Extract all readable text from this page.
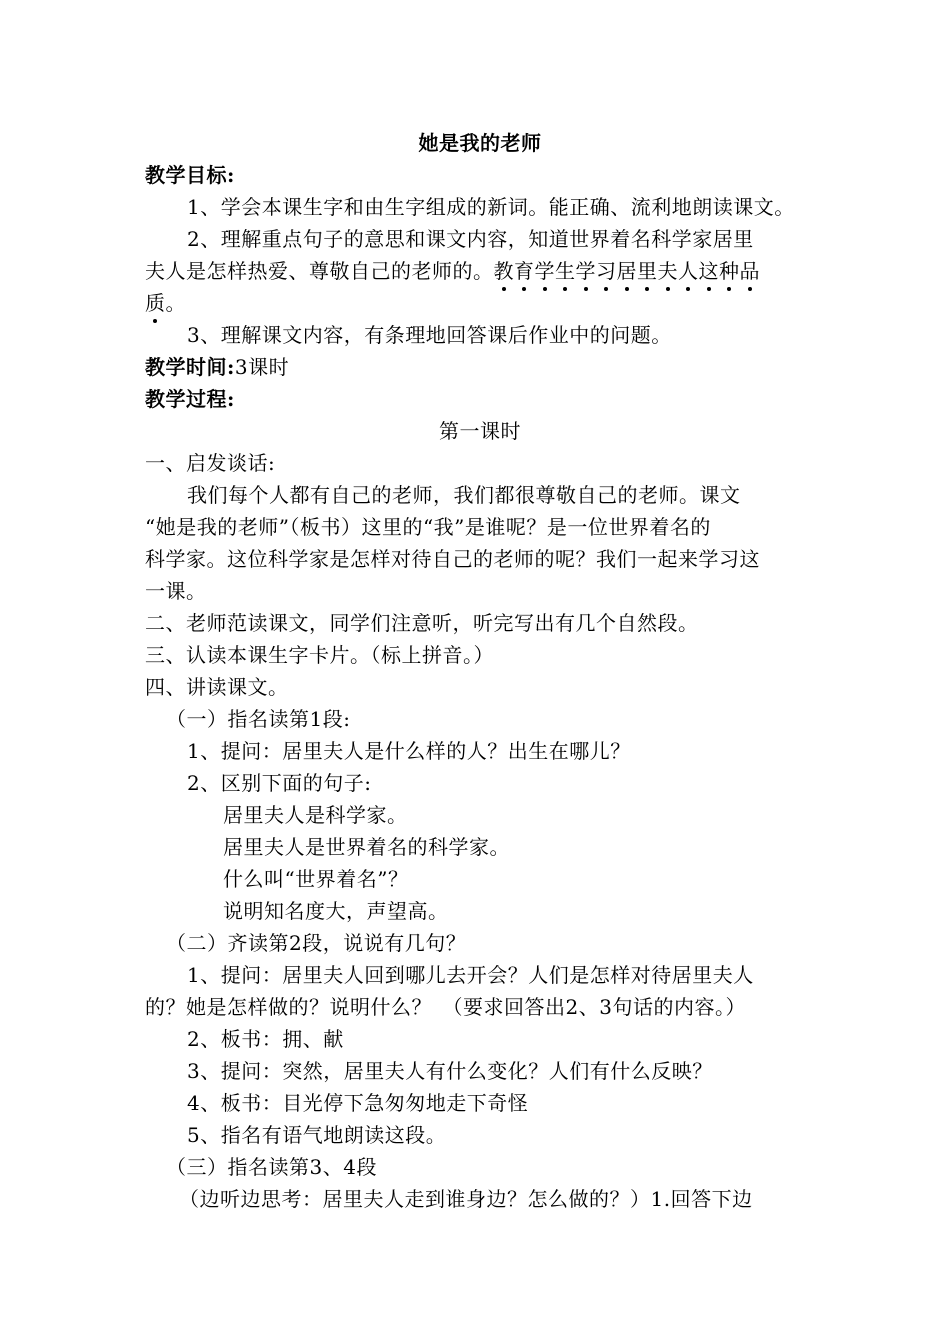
她是我的老师
教学目标:
1、学会本课生字和由生字组成的新词。能正确、流利地朗读课文。
2、理解重点句子的意思和课文内容，知道世界着名科学家居里
夫人是怎样热爱、尊敬自己的老师的。教育学生学习居里夫人这种品
质。
3、理解课文内容，有条理地回答课后作业中的问题。
教学时间:3课时
教学过程:
第一课时
一、启发谈话:
我们每个人都有自己的老师，我们都很尊敬自己的老师。课文
“她是我的老师”（板书）这里的“我”是谁呢？是一位世界着名的
科学家。这位科学家是怎样对待自己的老师的呢？我们一起来学习这
一课。
二、老师范读课文，同学们注意听，听完写出有几个自然段。
三、认读本课生字卡片。（标上拼音。）
四、讲读课文。
（一）指名读第1段:
1、提问：居里夫人是什么样的人？出生在哪儿？
2、区别下面的句子:
居里夫人是科学家。
居里夫人是世界着名的科学家。
什么叫“世界着名”？
说明知名度大，声望高。
（二）齐读第2段，说说有几句？
1、提问：居里夫人回到哪儿去开会？人们是怎样对待居里夫人
的？她是怎样做的？说明什么？　（要求回答出2、3句话的内容。）
2、板书：拥、献
3、提问：突然，居里夫人有什么变化？人们有什么反映？
4、板书：目光停下急匆匆地走下奇怪
5、指名有语气地朗读这段。
（三）指名读第3、4段
（边听边思考：居里夫人走到谁身边？怎么做的？）1.回答下边
